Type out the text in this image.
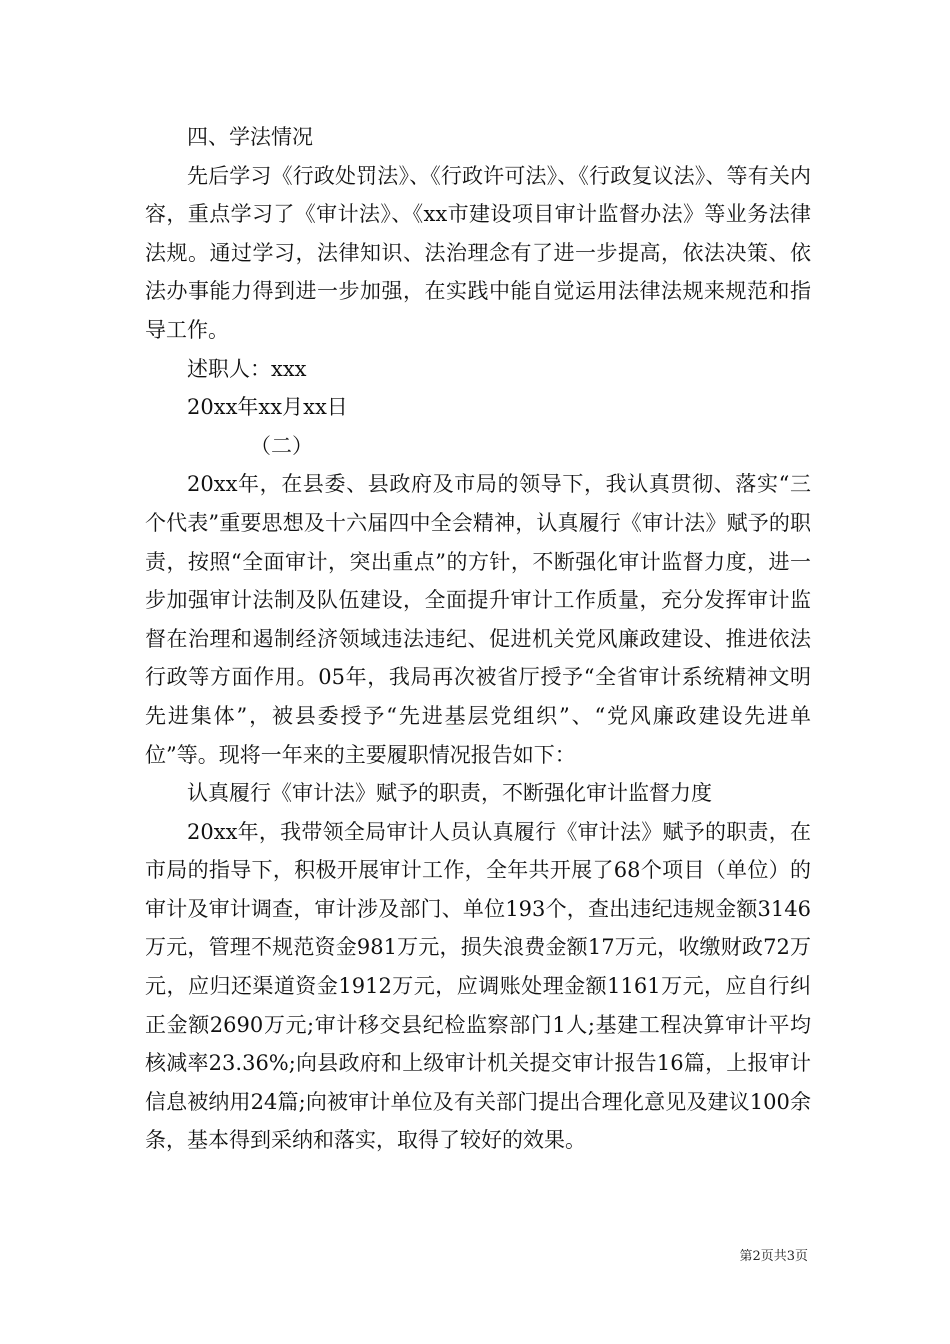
四、学法情况

先后学习《行政处罚法》、《行政许可法》、《行政复议法》、等有关内容，重点学习了《审计法》、《xx市建设项目审计监督办法》等业务法律法规。通过学习，法律知识、法治理念有了进一步提高，依法决策、依法办事能力得到进一步加强，在实践中能自觉运用法律法规来规范和指导工作。

述职人：xxx

20xx年xx月xx日

（二）

20xx年，在县委、县政府及市局的领导下，我认真贯彻、落实“三个代表”重要思想及十六届四中全会精神，认真履行《审计法》赋予的职责，按照“全面审计，突出重点”的方针，不断强化审计监督力度，进一步加强审计法制及队伍建设，全面提升审计工作质量，充分发挥审计监督在治理和遏制经济领域违法违纪、促进机关党风廉政建设、推进依法行政等方面作用。05年，我局再次被省厅授予“全省审计系统精神文明先进集体”，被县委授予“先进基层党组织”、“党风廉政建设先进单位”等。现将一年来的主要履职情况报告如下：

认真履行《审计法》赋予的职责，不断强化审计监督力度

20xx年，我带领全局审计人员认真履行《审计法》赋予的职责，在市局的指导下，积极开展审计工作，全年共开展了68个项目（单位）的审计及审计调查，审计涉及部门、单位193个，查出违纪违规金额3146万元，管理不规范资金981万元，损失浪费金额17万元，收缴财政72万元，应归还渠道资金1912万元，应调账处理金额1161万元，应自行纠正金额2690万元;审计移交县纪检监察部门1人;基建工程决算审计平均核减率23.36%;向县政府和上级审计机关提交审计报告16篇，上报审计信息被纳用24篇;向被审计单位及有关部门提出合理化意见及建议100余条，基本得到采纳和落实，取得了较好的效果。

第2页共3页
